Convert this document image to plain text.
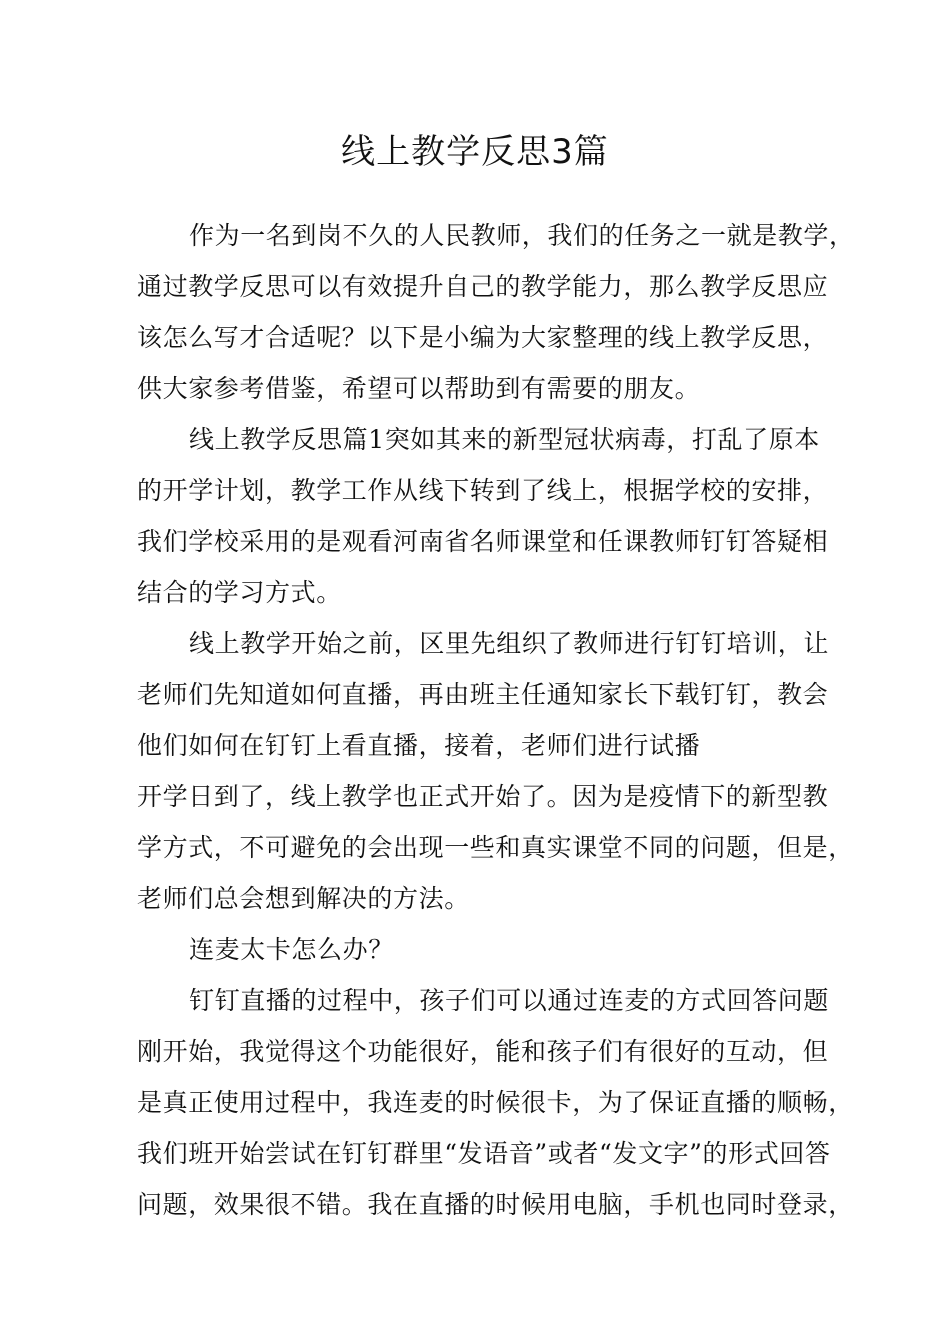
线上教学反思3篇
作为一名到岗不久的人民教师，我们的任务之一就是教学，
通过教学反思可以有效提升自己的教学能力，那么教学反思应
该怎么写才合适呢？以下是小编为大家整理的线上教学反思，
供大家参考借鉴，希望可以帮助到有需要的朋友。
线上教学反思篇1突如其来的新型冠状病毒，打乱了原本
的开学计划，教学工作从线下转到了线上，根据学校的安排，
我们学校采用的是观看河南省名师课堂和任课教师钉钉答疑相
结合的学习方式。
线上教学开始之前，区里先组织了教师进行钉钉培训，让
老师们先知道如何直播，再由班主任通知家长下载钉钉，教会
他们如何在钉钉上看直播，接着，老师们进行试播
开学日到了，线上教学也正式开始了。因为是疫情下的新型教
学方式，不可避免的会出现一些和真实课堂不同的问题，但是，
老师们总会想到解决的方法。
连麦太卡怎么办？
钉钉直播的过程中，孩子们可以通过连麦的方式回答问题
刚开始，我觉得这个功能很好，能和孩子们有很好的互动，但
是真正使用过程中，我连麦的时候很卡，为了保证直播的顺畅，
我们班开始尝试在钉钉群里“发语音”或者“发文字”的形式回答
问题，效果很不错。我在直播的时候用电脑，手机也同时登录，
